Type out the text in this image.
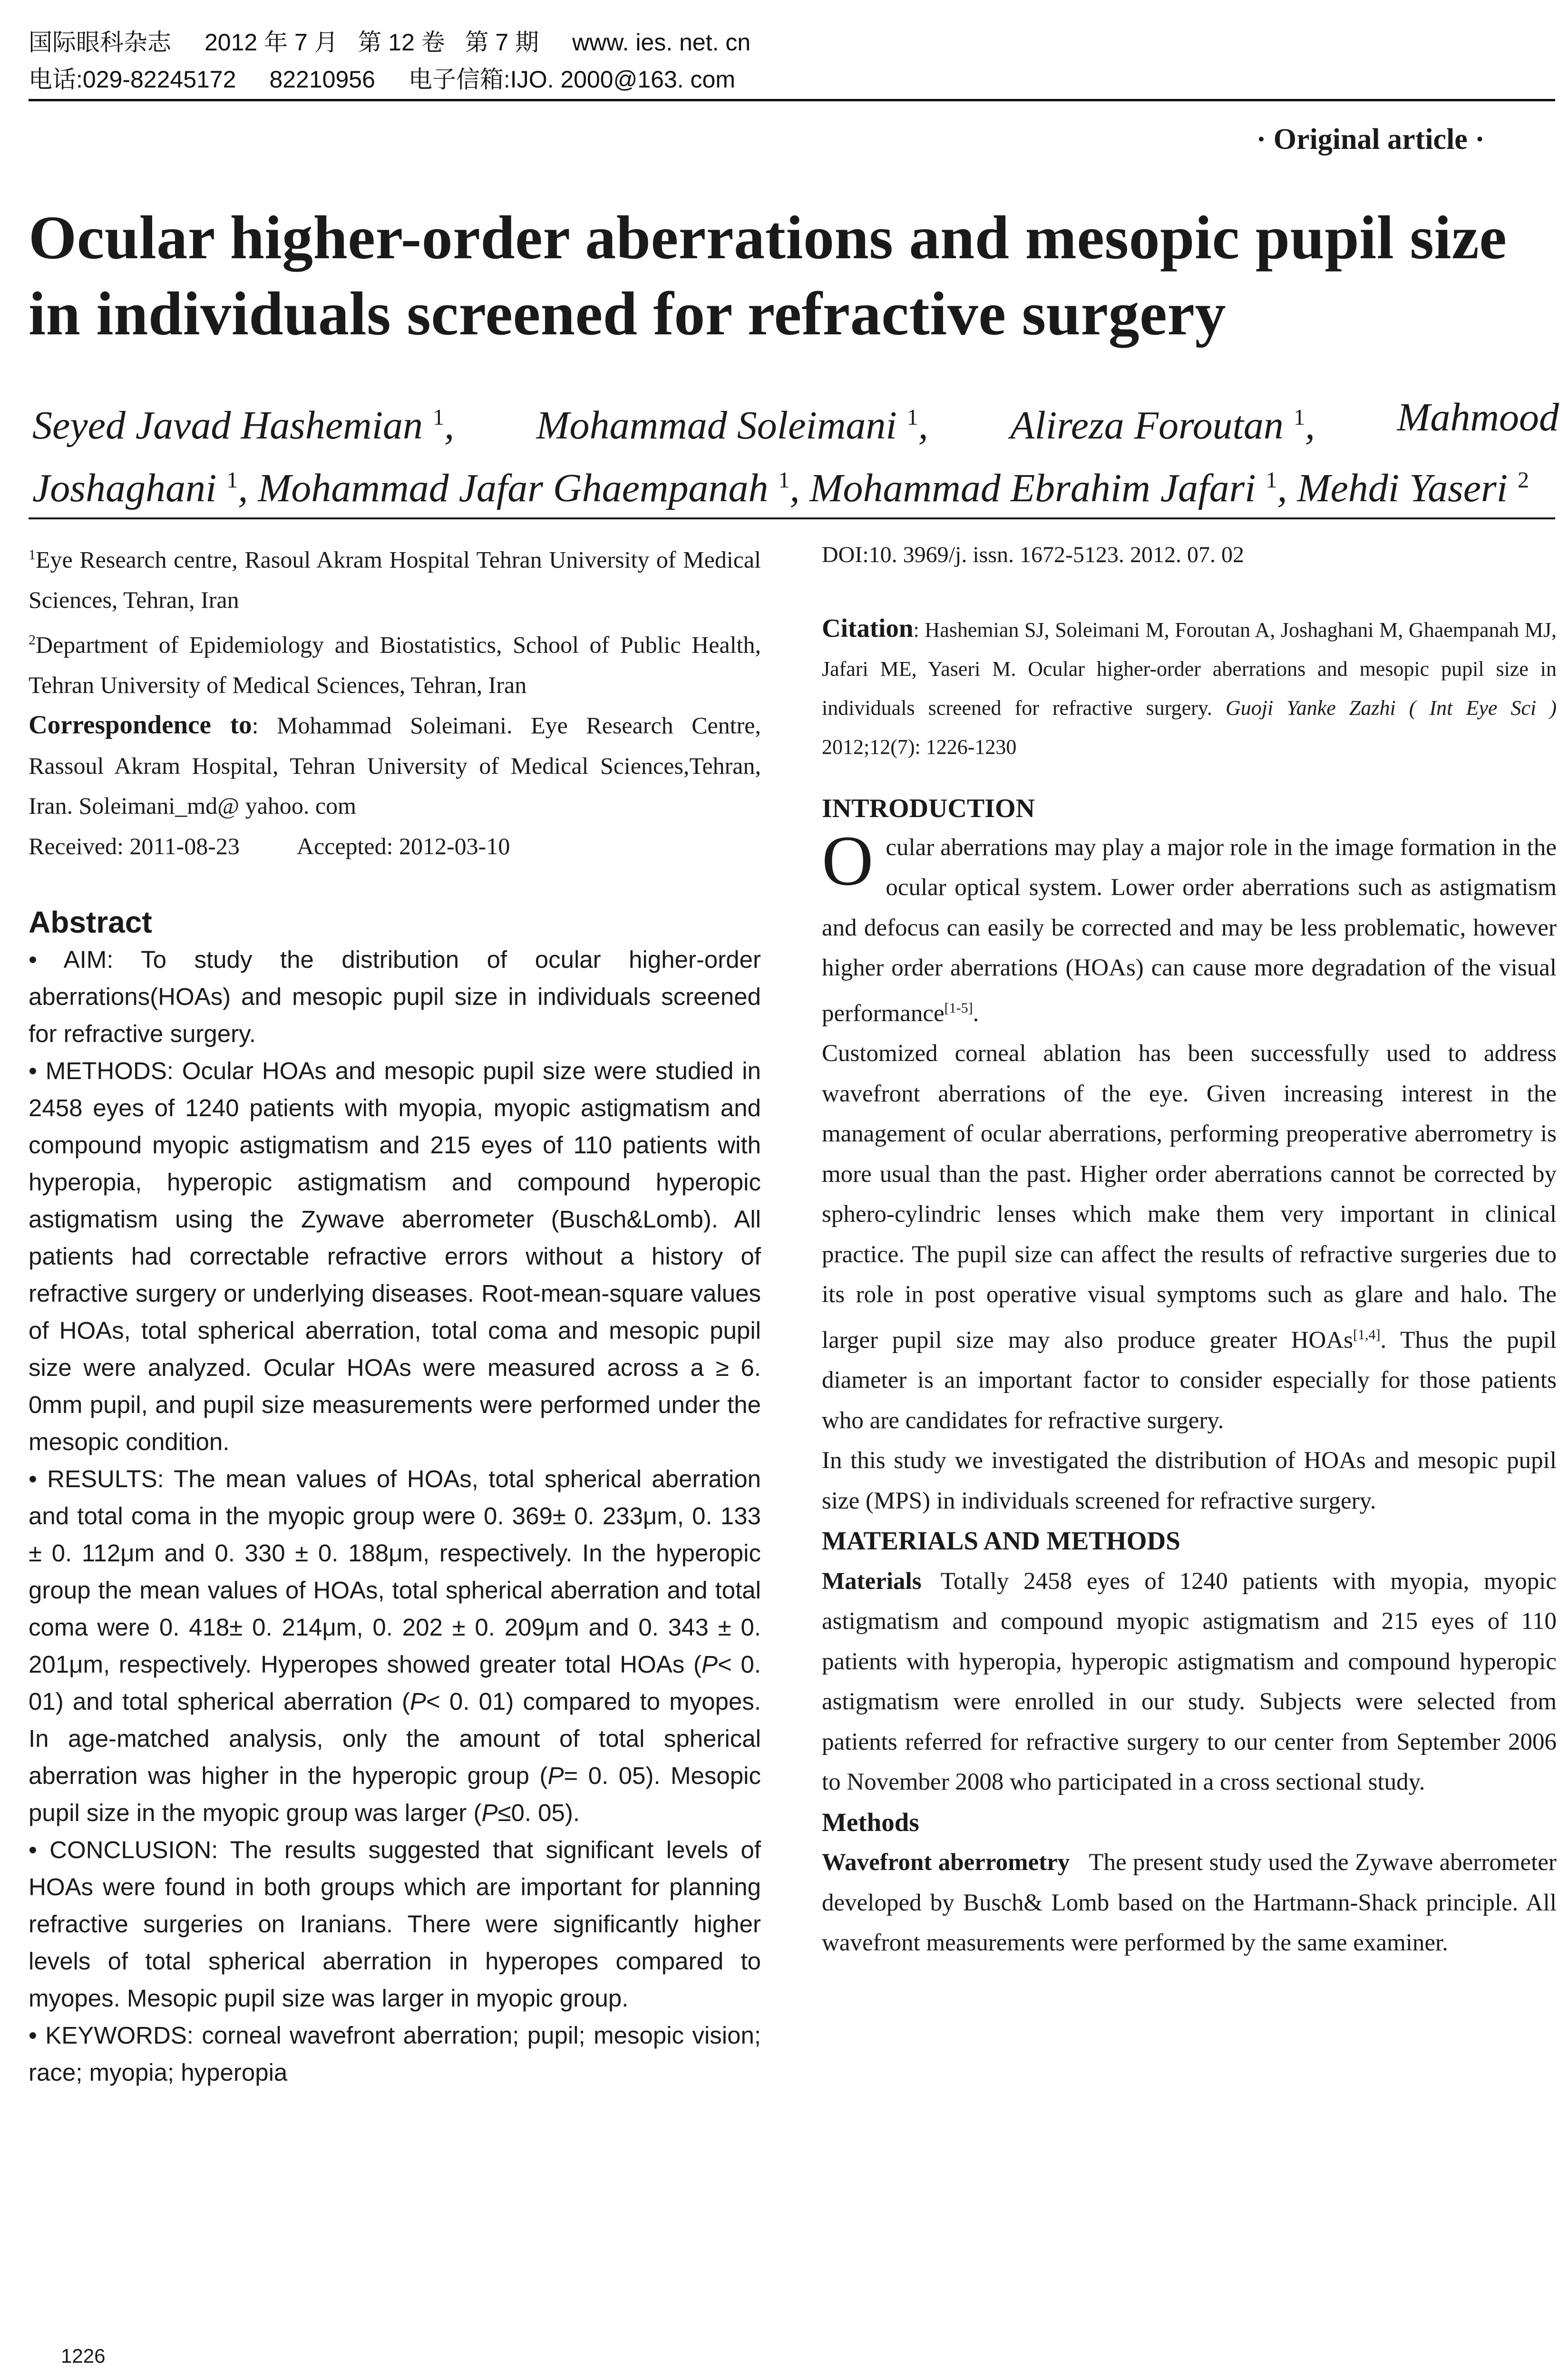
国际眼科杂志 2012 年 7 月   第 12 卷   第 7 期 www. ies. net. cn
电话:029-82245172 82210956 电子信箱:IJO. 2000@163. com
· Original article ·
Ocular higher-order aberrations and mesopic pupil size in individuals screened for refractive surgery
Seyed Javad Hashemian $^1$, Mohammad Soleimani $^1$, Alireza Foroutan $^1$, Mahmood
Joshaghani $^1$, Mohammad Jafar Ghaempanah $^1$, Mohammad Ebrahim Jafari $^1$, Mehdi Yaseri $^2$

$^1$Eye Research centre, Rasoul Akram Hospital Tehran University of Medical Sciences, Tehran, Iran

$^2$Department of Epidemiology and Biostatistics, School of Public Health, Tehran University of Medical Sciences, Tehran, Iran

Correspondence to: Mohammad Soleimani. Eye Research Centre, Rassoul Akram Hospital, Tehran University of Medical Sciences,Tehran, Iran. Soleimani_md@ yahoo. com

Received: 2011-08-23 Accepted: 2012-03-10

Abstract

• AIM: To study the distribution of ocular higher-order aberrations(HOAs) and mesopic pupil size in individuals screened for refractive surgery.

• METHODS: Ocular HOAs and mesopic pupil size were studied in 2458 eyes of 1240 patients with myopia, myopic astigmatism and compound myopic astigmatism and 215 eyes of 110 patients with hyperopia, hyperopic astigmatism and compound hyperopic astigmatism using the Zywave aberrometer (Busch&Lomb). All patients had correctable refractive errors without a history of refractive surgery or underlying diseases. Root-mean-square values of HOAs, total spherical aberration, total coma and mesopic pupil size were analyzed. Ocular HOAs were measured across a ≥ 6. 0mm pupil, and pupil size measurements were performed under the mesopic condition.

• RESULTS: The mean values of HOAs, total spherical aberration and total coma in the myopic group were 0. 369± 0. 233μm, 0. 133 ± 0. 112μm and 0. 330 ± 0. 188μm, respectively. In the hyperopic group the mean values of HOAs, total spherical aberration and total coma were 0. 418± 0. 214μm, 0. 202 ± 0. 209μm and 0. 343 ± 0. 201μm, respectively. Hyperopes showed greater total HOAs (P< 0. 01) and total spherical aberration (P< 0. 01) compared to myopes. In age-matched analysis, only the amount of total spherical aberration was higher in the hyperopic group (P= 0. 05). Mesopic pupil size in the myopic group was larger (P≤0. 05).

• CONCLUSION: The results suggested that significant levels of HOAs were found in both groups which are important for planning refractive surgeries on Iranians. There were significantly higher levels of total spherical aberration in hyperopes compared to myopes. Mesopic pupil size was larger in myopic group.

• KEYWORDS: corneal wavefront aberration; pupil; mesopic vision; race; myopia; hyperopia

DOI:10. 3969/j. issn. 1672-5123. 2012. 07. 02
Citation: Hashemian SJ, Soleimani M, Foroutan A, Joshaghani M, Ghaempanah MJ, Jafari ME, Yaseri M. Ocular higher-order aberrations and mesopic pupil size in individuals screened for refractive surgery. Guoji Yanke Zazhi ( Int Eye Sci ) 2012;12(7): 1226-1230
INTRODUCTION

Ocular aberrations may play a major role in the image formation in the ocular optical system. Lower order aberrations such as astigmatism and defocus can easily be corrected and may be less problematic, however higher order aberrations (HOAs) can cause more degradation of the visual performance[1-5].

Customized corneal ablation has been successfully used to address wavefront aberrations of the eye. Given increasing interest in the management of ocular aberrations, performing preoperative aberrometry is more usual than the past. Higher order aberrations cannot be corrected by sphero-cylindric lenses which make them very important in clinical practice. The pupil size can affect the results of refractive surgeries due to its role in post operative visual symptoms such as glare and halo. The larger pupil size may also produce greater HOAs[1,4]. Thus the pupil diameter is an important factor to consider especially for those patients who are candidates for refractive surgery.

In this study we investigated the distribution of HOAs and mesopic pupil size (MPS) in individuals screened for refractive surgery.

MATERIALS AND METHODS

Materials Totally 2458 eyes of 1240 patients with myopia, myopic astigmatism and compound myopic astigmatism and 215 eyes of 110 patients with hyperopia, hyperopic astigmatism and compound hyperopic astigmatism were enrolled in our study. Subjects were selected from patients referred for refractive surgery to our center from September 2006 to November 2008 who participated in a cross sectional study.

Methods

Wavefront aberrometry The present study used the Zywave aberrometer developed by Busch& Lomb based on the Hartmann-Shack principle. All wavefront measurements were performed by the same examiner.

1226
